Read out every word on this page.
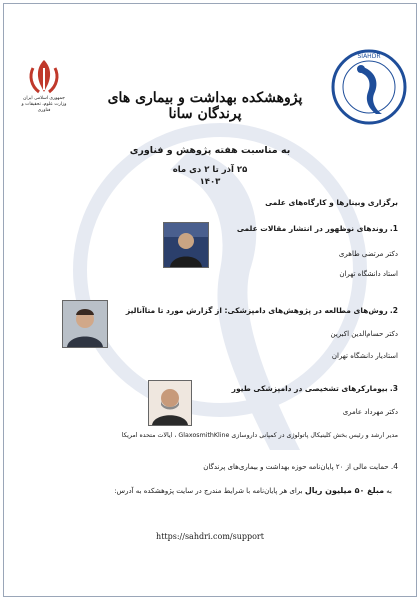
جمهوری اسلامی ایران
وزارت علوم، تحقیقات و فناوری
SIAHDR
پژوهشکده بهداشت و بیماری های پرندگان سانا
به مناسبت هفته پژوهش و فناوری
۲۵ آذر تا ۲ دی ماه
۱۴۰۳
برگزاری وبینارها و کارگاه‌های علمی
1. روندهای نوظهور در انتشار مقالات علمی
دکتر مرتضی طاهری
استاد دانشگاه تهران
2. روش‌های مطالعه در پژوهش‌های دامپزشکی: از گزارش مورد تا متاآنالیز
دکتر حسام‌الدین اکبرین
استادیار دانشگاه تهران
3. بیومارکرهای تشخیصی در دامپزشکی طیور
دکتر مهرداد عامری
مدیر ارشد و رئیس بخش کلینیکال پاتولوژی در کمپانی داروسازی GlaxosmithKline ، ایالات متحده امریکا
4. حمایت مالی از ۲۰ پایان‌نامه حوزه بهداشت و بیماری‌های پرندگان
به مبلغ ۵۰ میلیون ریال برای هر پایان‌نامه با شرایط مندرج در سایت پژوهشکده به آدرس:
https://sahdri.com/support
